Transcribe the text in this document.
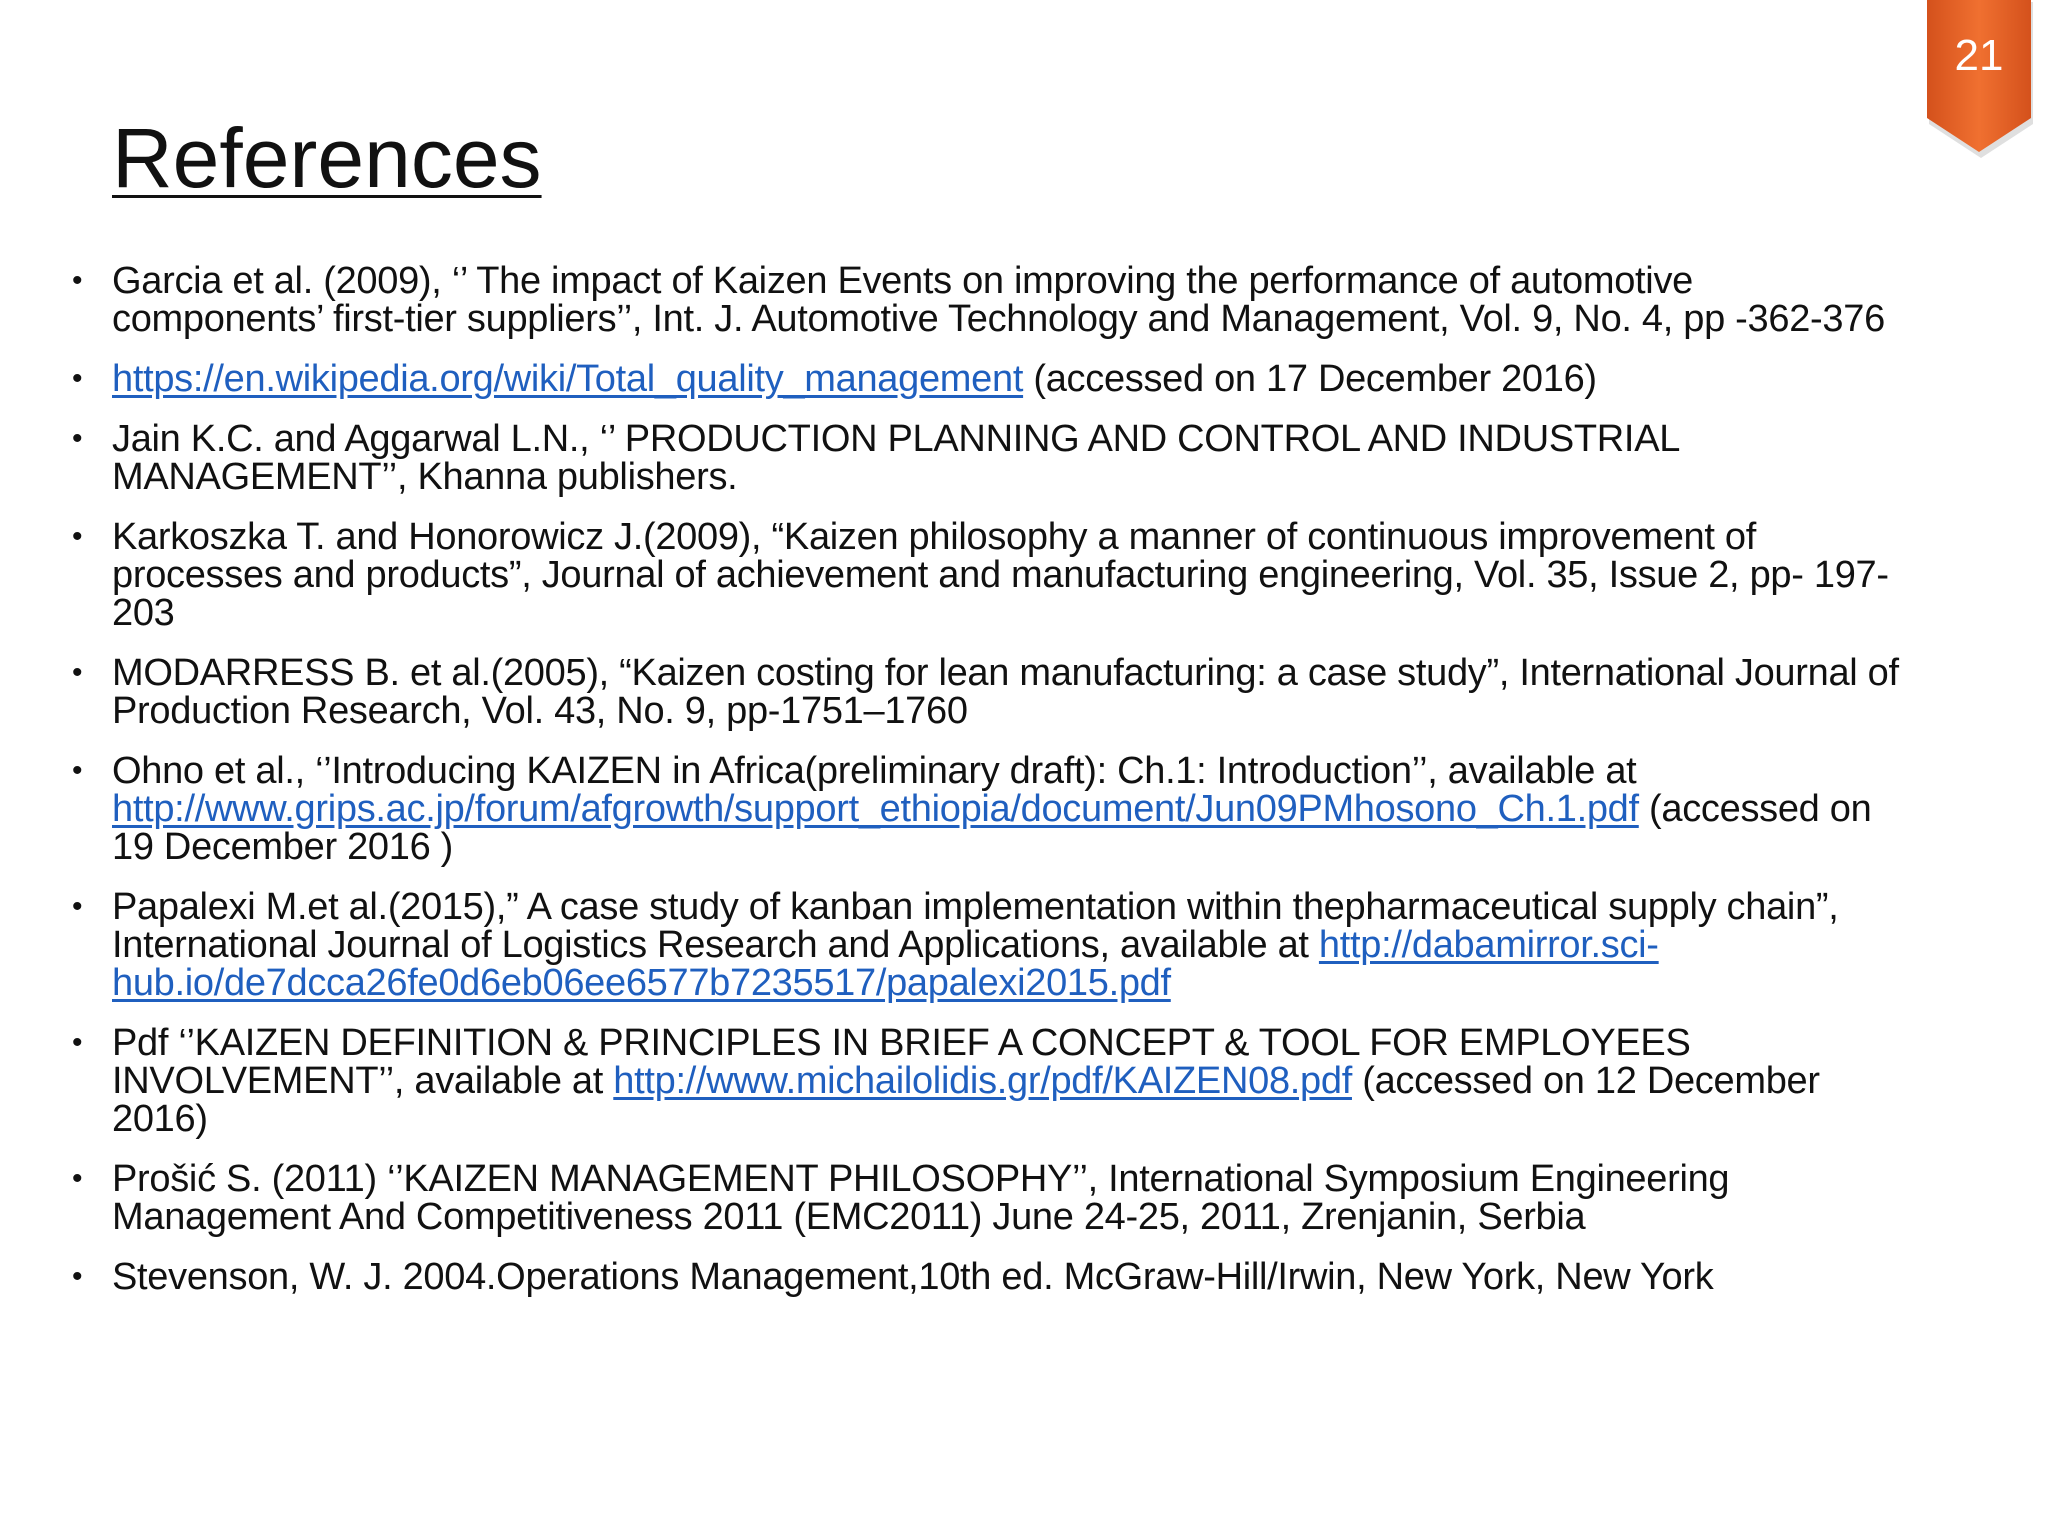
21
References
• Garcia et al. (2009), ‘’ The impact of Kaizen Events on improving the performance of automotive components’ first-tier suppliers’’, Int. J. Automotive Technology and Management, Vol. 9, No. 4, pp -362-376
• https://en.wikipedia.org/wiki/Total_quality_management (accessed on 17 December 2016)
• Jain K.C. and Aggarwal L.N., ‘’ PRODUCTION PLANNING AND CONTROL AND INDUSTRIAL MANAGEMENT’’, Khanna publishers.
• Karkoszka T. and Honorowicz J.(2009), “Kaizen philosophy a manner of continuous improvement of processes and products”, Journal of achievement and manufacturing engineering, Vol. 35, Issue 2, pp- 197-203
• MODARRESS B. et al.(2005), “Kaizen costing for lean manufacturing: a case study”, International Journal of Production Research, Vol. 43, No. 9, pp-1751–1760
• Ohno et al., ‘’Introducing KAIZEN in Africa(preliminary draft): Ch.1: Introduction’’, available at http://www.grips.ac.jp/forum/afgrowth/support_ethiopia/document/Jun09PMhosono_Ch.1.pdf (accessed on 19 December 2016 )
• Papalexi M.et al.(2015),” A case study of kanban implementation within thepharmaceutical supply chain”, International Journal of Logistics Research and Applications, available at http://dabamirror.sci-hub.io/de7dcca26fe0d6eb06ee6577b7235517/papalexi2015.pdf
• Pdf ‘’KAIZEN DEFINITION & PRINCIPLES IN BRIEF A CONCEPT & TOOL FOR EMPLOYEES INVOLVEMENT’’, available at http://www.michailolidis.gr/pdf/KAIZEN08.pdf (accessed on 12 December 2016)
• Prošić S. (2011) ‘’KAIZEN MANAGEMENT PHILOSOPHY’’, International Symposium Engineering Management And Competitiveness 2011 (EMC2011) June 24-25, 2011, Zrenjanin, Serbia
• Stevenson, W. J. 2004.Operations Management,10th ed. McGraw-Hill/Irwin, New York, New York
